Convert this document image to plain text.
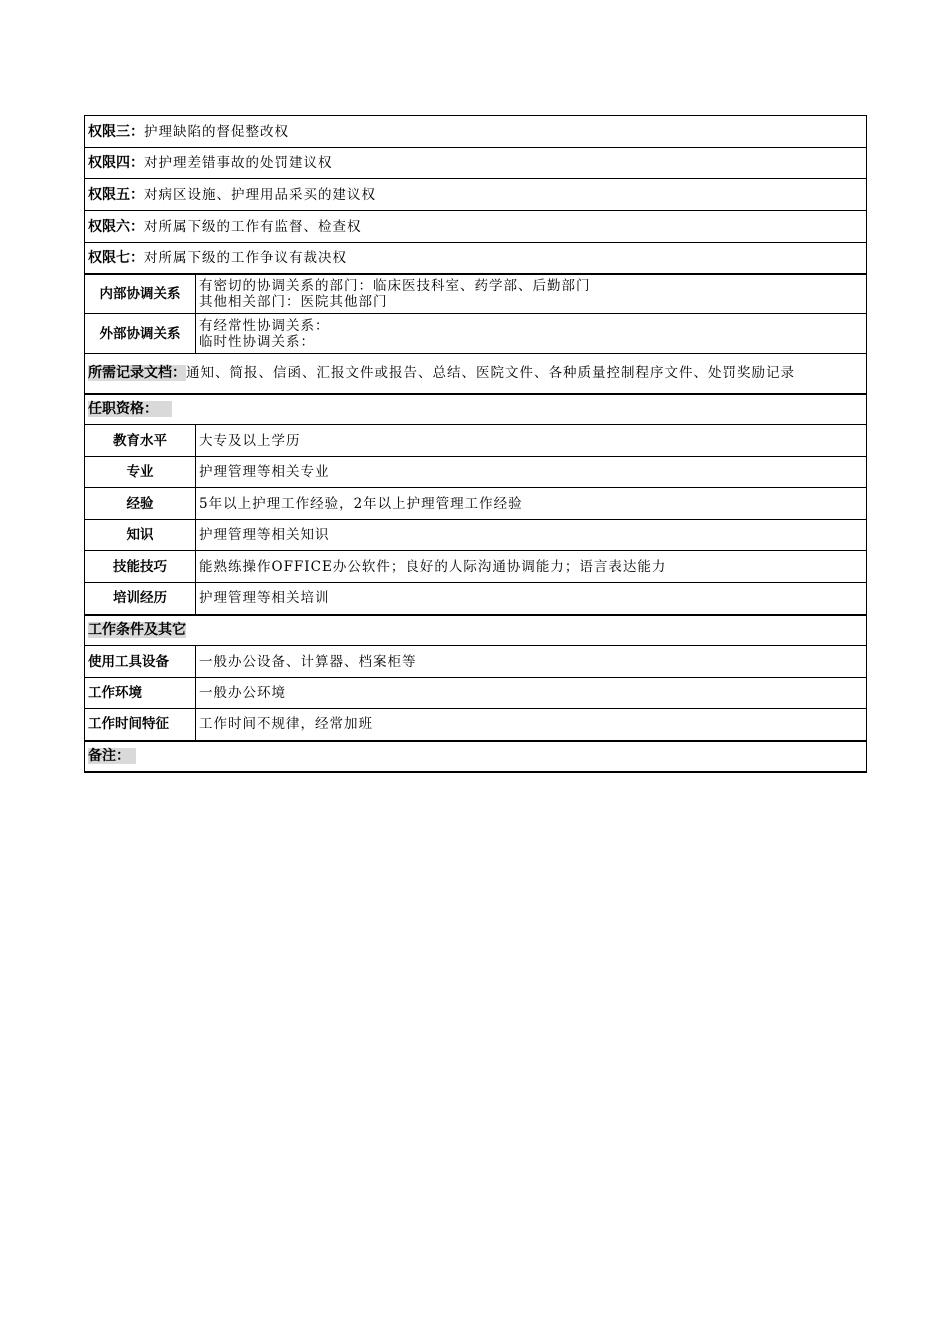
权限三：护理缺陷的督促整改权	
权限四：对护理差错事故的处罚建议权	
权限五：对病区设施、护理用品采买的建议权	
权限六：对所属下级的工作有监督、检查权	
权限七：对所属下级的工作争议有裁决权	
内部协调关系	有密切的协调关系的部门：临床医技科室、药学部、后勤部门
其他相关部门：医院其他部门

外部协调关系	有经常性协调关系：
临时性协调关系：

所需记录文档：通知、简报、信函、汇报文件或报告、总结、医院文件、各种质量控制程序文件、处罚奖励记录	
任职资格：	
教育水平	大专及以上学历
专业	护理管理等相关专业
经验	5年以上护理工作经验，2年以上护理管理工作经验
知识	护理管理等相关知识
技能技巧	能熟练操作OFFICE办公软件；良好的人际沟通协调能力；语言表达能力
培训经历	护理管理等相关培训
工作条件及其它	
使用工具设备	一般办公设备、计算器、档案柜等
工作环境	一般办公环境
工作时间特征	工作时间不规律，经常加班
备注：	
